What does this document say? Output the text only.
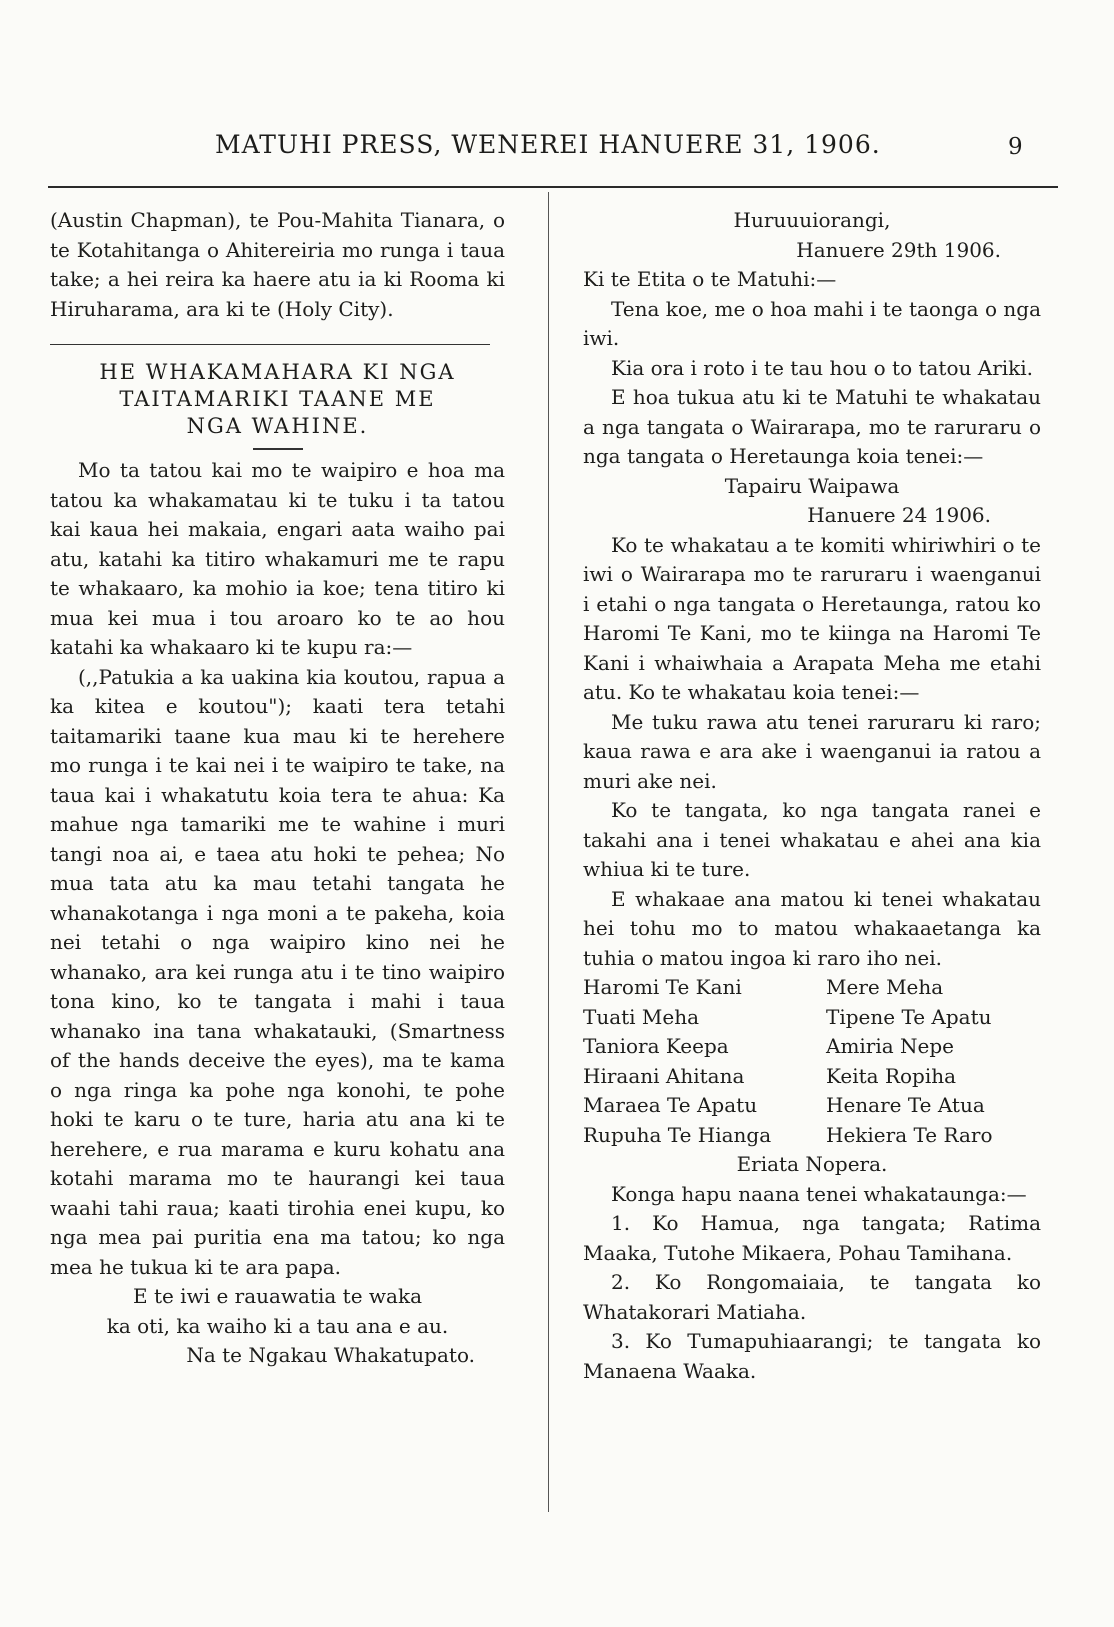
MATUHI PRESS, WENEREI HANUERE 31, 1906.	9

(Austin Chapman), te Pou-Mahita Tianara, o te Kotahitanga o Ahitereiria mo runga i taua take; a hei reira ka haere atu ia ki Rooma ki Hiruharama, ara ki te (Holy City).

HE WHAKAMAHARA KI NGA

TAITAMARIKI TAANE ME

NGA WAHINE.

Mo ta tatou kai mo te waipiro e hoa ma tatou ka whakamatau ki te tuku i ta tatou kai kaua hei makaia, engari aata waiho pai atu, katahi ka titiro whakamuri me te rapu te whakaaro, ka mohio ia koe; tena titiro ki mua kei mua i tou aroaro ko te ao hou katahi ka whakaaro ki te kupu ra:—

(,,Patukia a ka uakina kia koutou, rapua a ka kitea e koutou"); kaati tera tetahi taitamariki taane kua mau ki te herehere mo runga i te kai nei i te waipiro te take, na taua kai i whakatutu koia tera te ahua: Ka mahue nga tamariki me te wahine i muri tangi noa ai, e taea atu hoki te pehea; No mua tata atu ka mau tetahi tangata he whanakotanga i nga moni a te pakeha, koia nei tetahi o nga waipiro kino nei he whanako, ara kei runga atu i te tino waipiro tona kino, ko te tangata i mahi i taua whanako ina tana whakatauki, (Smartness of the hands deceive the eyes), ma te kama o nga ringa ka pohe nga konohi, te pohe hoki te karu o te ture, haria atu ana ki te herehere, e rua marama e kuru kohatu ana kotahi marama mo te haurangi kei taua waahi tahi raua; kaati tirohia enei kupu, ko nga mea pai puritia ena ma tatou; ko nga mea he tukua ki te ara papa.

E te iwi e rauawatia te waka

ka oti, ka waiho ki a tau ana e au.

Na te Ngakau Whakatupato.

Huruuuiorangi,

Hanuere 29th 1906.

Ki te Etita o te Matuhi:—

Tena koe, me o hoa mahi i te taonga o nga iwi.

Kia ora i roto i te tau hou o to tatou Ariki.

E hoa tukua atu ki te Matuhi te whakatau a nga tangata o Wairarapa, mo te raruraru o nga tangata o Heretaunga koia tenei:—

Tapairu Waipawa

Hanuere 24 1906.

Ko te whakatau a te komiti whiriwhiri o te iwi o Wairarapa mo te raruraru i waenganui i etahi o nga tangata o Heretaunga, ratou ko Haromi Te Kani, mo te kiinga na Haromi Te Kani i whaiwhaia a Arapata Meha me etahi atu. Ko te whakatau koia tenei:—

Me tuku rawa atu tenei raruraru ki raro; kaua rawa e ara ake i waenganui ia ratou a muri ake nei.

Ko te tangata, ko nga tangata ranei e takahi ana i tenei whakatau e ahei ana kia whiua ki te ture.

E whakaae ana matou ki tenei whakatau hei tohu mo to matou whakaaetanga ka tuhia o matou ingoa ki raro iho nei.

Haromi Te Kani	Mere Meha
Tuati Meha	Tipene Te Apatu
Taniora Keepa	Amiria Nepe
Hiraani Ahitana	Keita Ropiha
Maraea Te Apatu	Henare Te Atua
Rupuha Te Hianga	Hekiera Te Raro

Eriata Nopera.

Konga hapu naana tenei whakataunga:—

1. Ko Hamua, nga tangata; Ratima Maaka, Tutohe Mikaera, Pohau Tamihana.

2. Ko Rongomaiaia, te tangata ko Whatakorari Matiaha.

3. Ko Tumapuhiaarangi; te tangata ko Manaena Waaka.
